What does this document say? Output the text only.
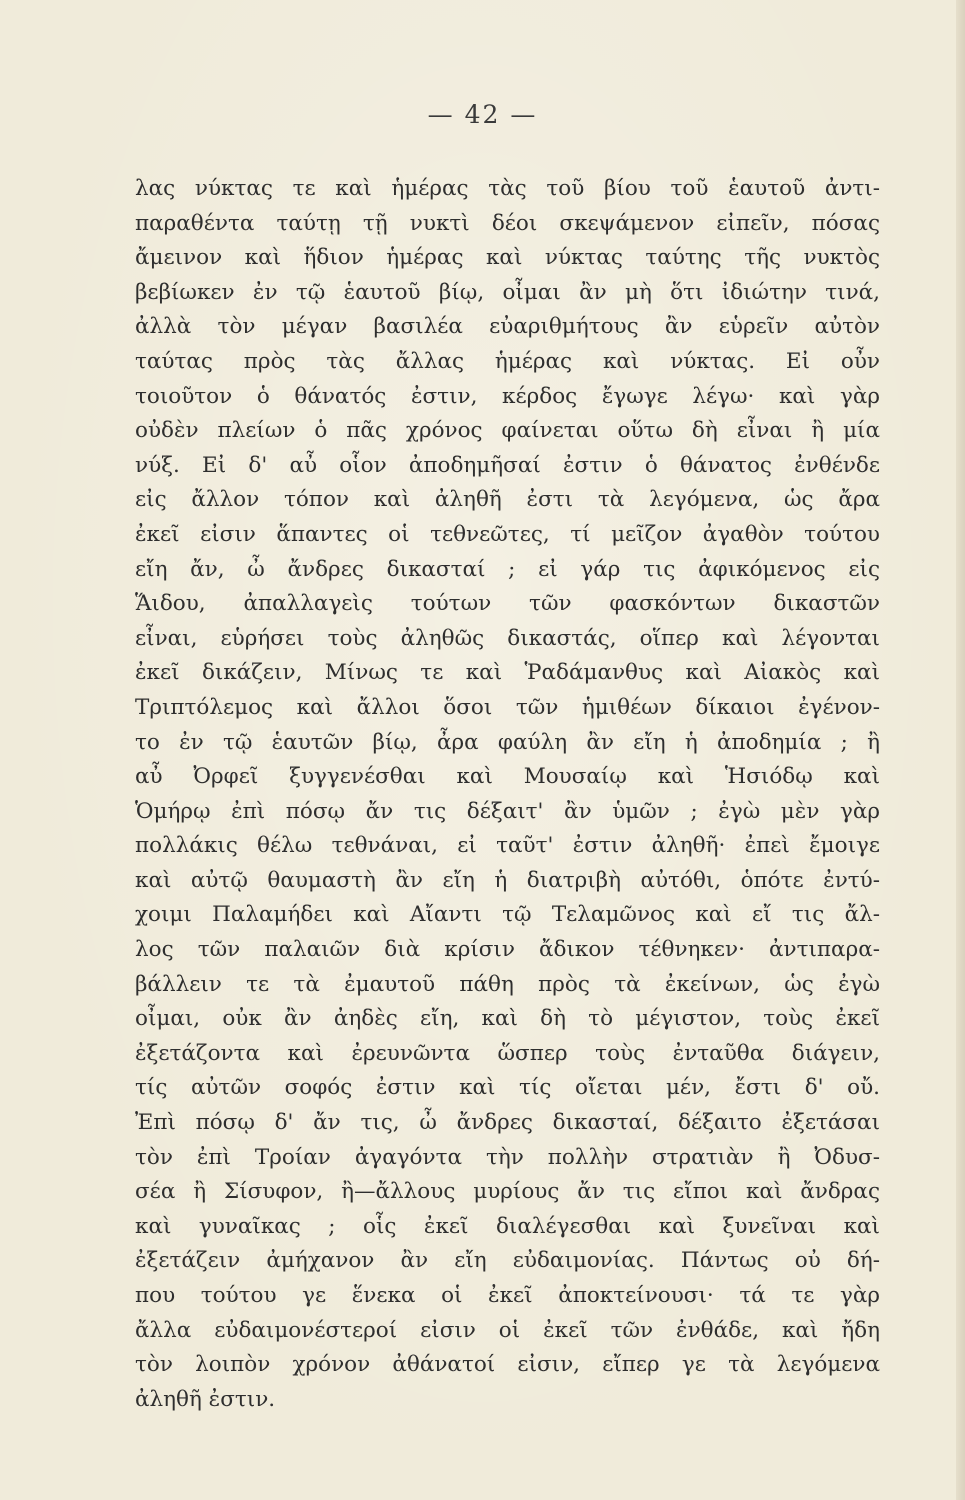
— 42 —
λας νύκτας τε καὶ ἡμέρας τὰς τοῦ βίου τοῦ ἑαυτοῦ ἀντι-
παραθέντα ταύτῃ τῇ νυκτὶ δέοι σκεψάμενον εἰπεῖν, πόσας
ἄμεινον καὶ ἥδιον ἡμέρας καὶ νύκτας ταύτης τῆς νυκτὸς
βεβίωκεν ἐν τῷ ἑαυτοῦ βίῳ, οἶμαι ἂν μὴ ὅτι ἰδιώτην τινά,
ἀλλὰ τὸν μέγαν βασιλέα εὐαριθμήτους ἂν εὑρεῖν αὐτὸν
ταύτας πρὸς τὰς ἄλλας ἡμέρας καὶ νύκτας. Εἰ οὖν
τοιοῦτον ὁ θάνατός ἐστιν, κέρδος ἔγωγε λέγω· καὶ γὰρ
οὐδὲν πλείων ὁ πᾶς χρόνος φαίνεται οὕτω δὴ εἶναι ἢ μία
νύξ. Εἰ δ' αὖ οἷον ἀποδημῆσαί ἐστιν ὁ θάνατος ἐνθένδε
εἰς ἄλλον τόπον καὶ ἀληθῆ ἐστι τὰ λεγόμενα, ὡς ἄρα
ἐκεῖ εἰσιν ἅπαντες οἱ τεθνεῶτες, τί μεῖζον ἀγαθὸν τούτου
εἴη ἄν, ὦ ἄνδρες δικασταί ; εἰ γάρ τις ἀφικόμενος εἰς
Ἅιδου, ἀπαλλαγεὶς τούτων τῶν φασκόντων δικαστῶν
εἶναι, εὑρήσει τοὺς ἀληθῶς δικαστάς, οἵπερ καὶ λέγονται
ἐκεῖ δικάζειν, Μίνως τε καὶ Ῥαδάμανθυς καὶ Αἰακὸς καὶ
Τριπτόλεμος καὶ ἄλλοι ὅσοι τῶν ἡμιθέων δίκαιοι ἐγένον-
το ἐν τῷ ἑαυτῶν βίῳ, ἆρα φαύλη ἂν εἴη ἡ ἀποδημία ; ἢ
αὖ Ὀρφεῖ ξυγγενέσθαι καὶ Μουσαίῳ καὶ Ἡσιόδῳ καὶ
Ὁμήρῳ ἐπὶ πόσῳ ἄν τις δέξαιτ' ἂν ὑμῶν ; ἐγὼ μὲν γὰρ
πολλάκις θέλω τεθνάναι, εἰ ταῦτ' ἐστιν ἀληθῆ· ἐπεὶ ἔμοιγε
καὶ αὐτῷ θαυμαστὴ ἂν εἴη ἡ διατριβὴ αὐτόθι, ὁπότε ἐντύ-
χοιμι Παλαμήδει καὶ Αἴαντι τῷ Τελαμῶνος καὶ εἴ τις ἄλ-
λος τῶν παλαιῶν διὰ κρίσιν ἄδικον τέθνηκεν· ἀντιπαρα-
βάλλειν τε τὰ ἐμαυτοῦ πάθη πρὸς τὰ ἐκείνων, ὡς ἐγὼ
οἶμαι, οὐκ ἂν ἀηδὲς εἴη, καὶ δὴ τὸ μέγιστον, τοὺς ἐκεῖ
ἐξετάζοντα καὶ ἐρευνῶντα ὥσπερ τοὺς ἐνταῦθα διάγειν,
τίς αὐτῶν σοφός ἐστιν καὶ τίς οἴεται μέν, ἔστι δ' οὔ.
Ἐπὶ πόσῳ δ' ἄν τις, ὦ ἄνδρες δικασταί, δέξαιτο ἐξετάσαι
τὸν ἐπὶ Τροίαν ἀγαγόντα τὴν πολλὴν στρατιὰν ἢ Ὀδυσ-
σέα ἢ Σίσυφον, ἢ—ἄλλους μυρίους ἄν τις εἴποι καὶ ἄνδρας
καὶ γυναῖκας ; οἷς ἐκεῖ διαλέγεσθαι καὶ ξυνεῖναι καὶ
ἐξετάζειν ἀμήχανον ἂν εἴη εὐδαιμονίας. Πάντως οὐ δή-
που τούτου γε ἕνεκα οἱ ἐκεῖ ἀποκτείνουσι· τά τε γὰρ
ἄλλα εὐδαιμονέστεροί εἰσιν οἱ ἐκεῖ τῶν ἐνθάδε, καὶ ἤδη
τὸν λοιπὸν χρόνον ἀθάνατοί εἰσιν, εἴπερ γε τὰ λεγόμενα
ἀληθῆ ἐστιν.
